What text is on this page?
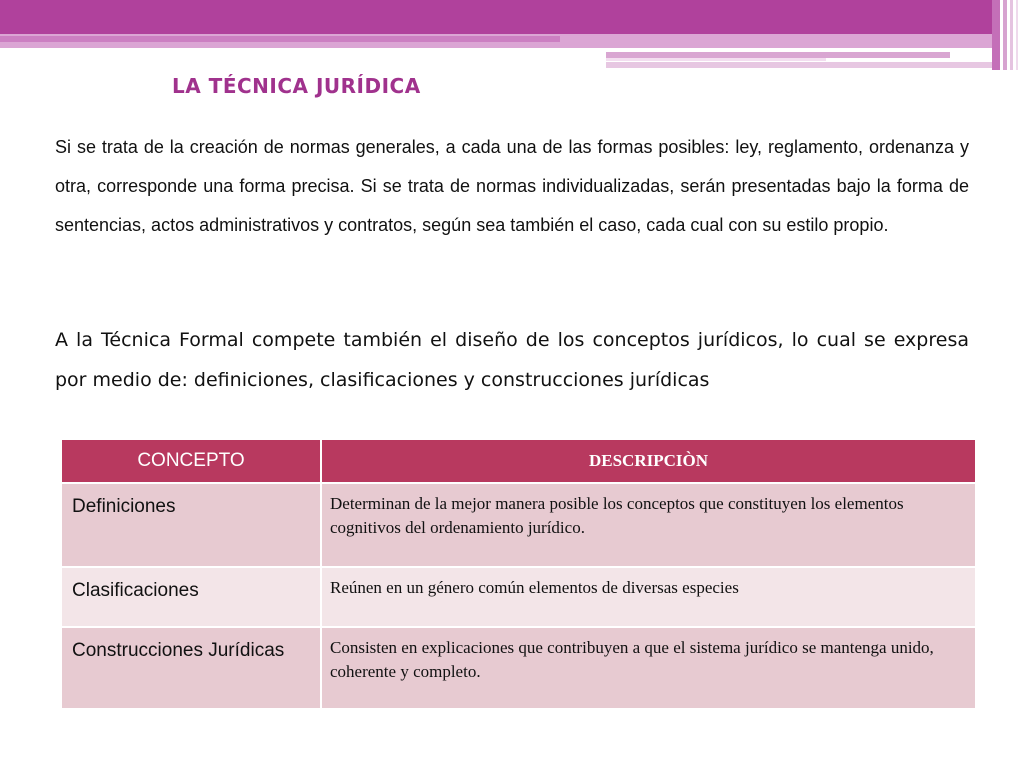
LA TÉCNICA JURÍDICA
Si se trata de la creación de normas generales, a cada una de las formas posibles: ley, reglamento, ordenanza y otra, corresponde una forma precisa. Si se trata de normas individualizadas, serán presentadas bajo la forma de sentencias, actos administrativos y contratos, según sea también el caso, cada cual con su estilo propio.
A la Técnica Formal compete también el diseño de los conceptos jurídicos, lo cual se expresa por medio de: definiciones, clasificaciones y construcciones jurídicas
CONCEPTO	DESCRIPCIÒN
Definiciones	Determinan de la mejor manera posible los conceptos que constituyen los elementos cognitivos del ordenamiento jurídico.
Clasificaciones	Reúnen en un género común elementos de diversas especies
Construcciones Jurídicas	Consisten en explicaciones que contribuyen a que el sistema jurídico se mantenga unido, coherente y completo.
